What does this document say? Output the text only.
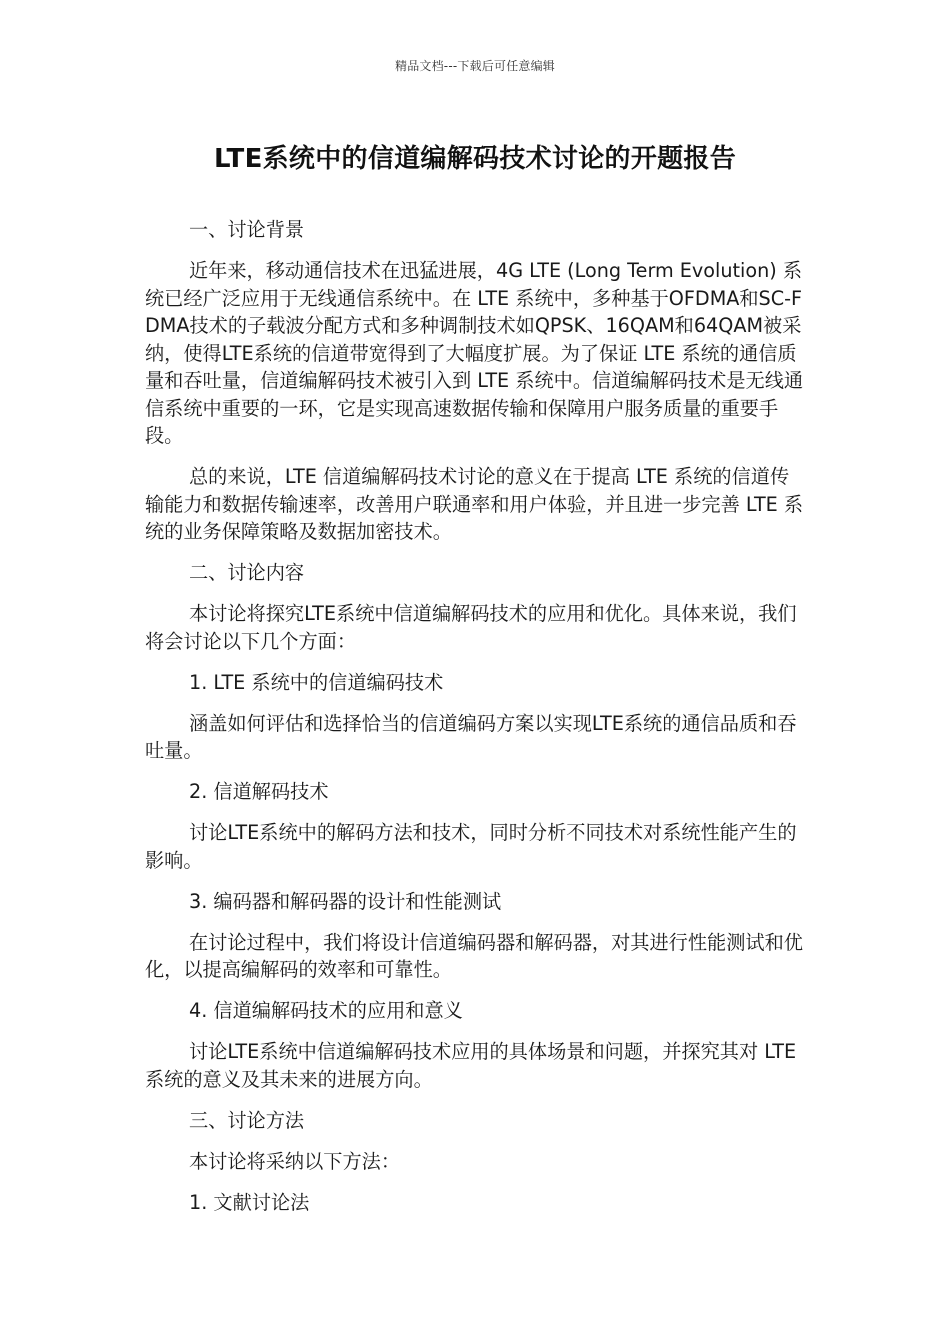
精品文档---下载后可任意编辑
LTE系统中的信道编解码技术讨论的开题报告

一、讨论背景

近年来，移动通信技术在迅猛进展，4G LTE (Long Term Evolution) 系统已经广泛应用于无线通信系统中。在 LTE 系统中，多种基于OFDMA和SC-FDMA技术的子载波分配方式和多种调制技术如QPSK、16QAM和64QAM被采纳，使得LTE系统的信道带宽得到了大幅度扩展。为了保证 LTE 系统的通信质量和吞吐量，信道编解码技术被引入到 LTE 系统中。信道编解码技术是无线通信系统中重要的一环，它是实现高速数据传输和保障用户服务质量的重要手段。

总的来说，LTE 信道编解码技术讨论的意义在于提高 LTE 系统的信道传输能力和数据传输速率，改善用户联通率和用户体验，并且进一步完善 LTE 系统的业务保障策略及数据加密技术。

二、讨论内容

本讨论将探究LTE系统中信道编解码技术的应用和优化。具体来说，我们将会讨论以下几个方面：

1. LTE 系统中的信道编码技术

涵盖如何评估和选择恰当的信道编码方案以实现LTE系统的通信品质和吞吐量。

2. 信道解码技术

讨论LTE系统中的解码方法和技术，同时分析不同技术对系统性能产生的影响。

3. 编码器和解码器的设计和性能测试

在讨论过程中，我们将设计信道编码器和解码器，对其进行性能测试和优化，以提高编解码的效率和可靠性。

4. 信道编解码技术的应用和意义

讨论LTE系统中信道编解码技术应用的具体场景和问题，并探究其对 LTE 系统的意义及其未来的进展方向。

三、讨论方法

本讨论将采纳以下方法：

1. 文献讨论法
